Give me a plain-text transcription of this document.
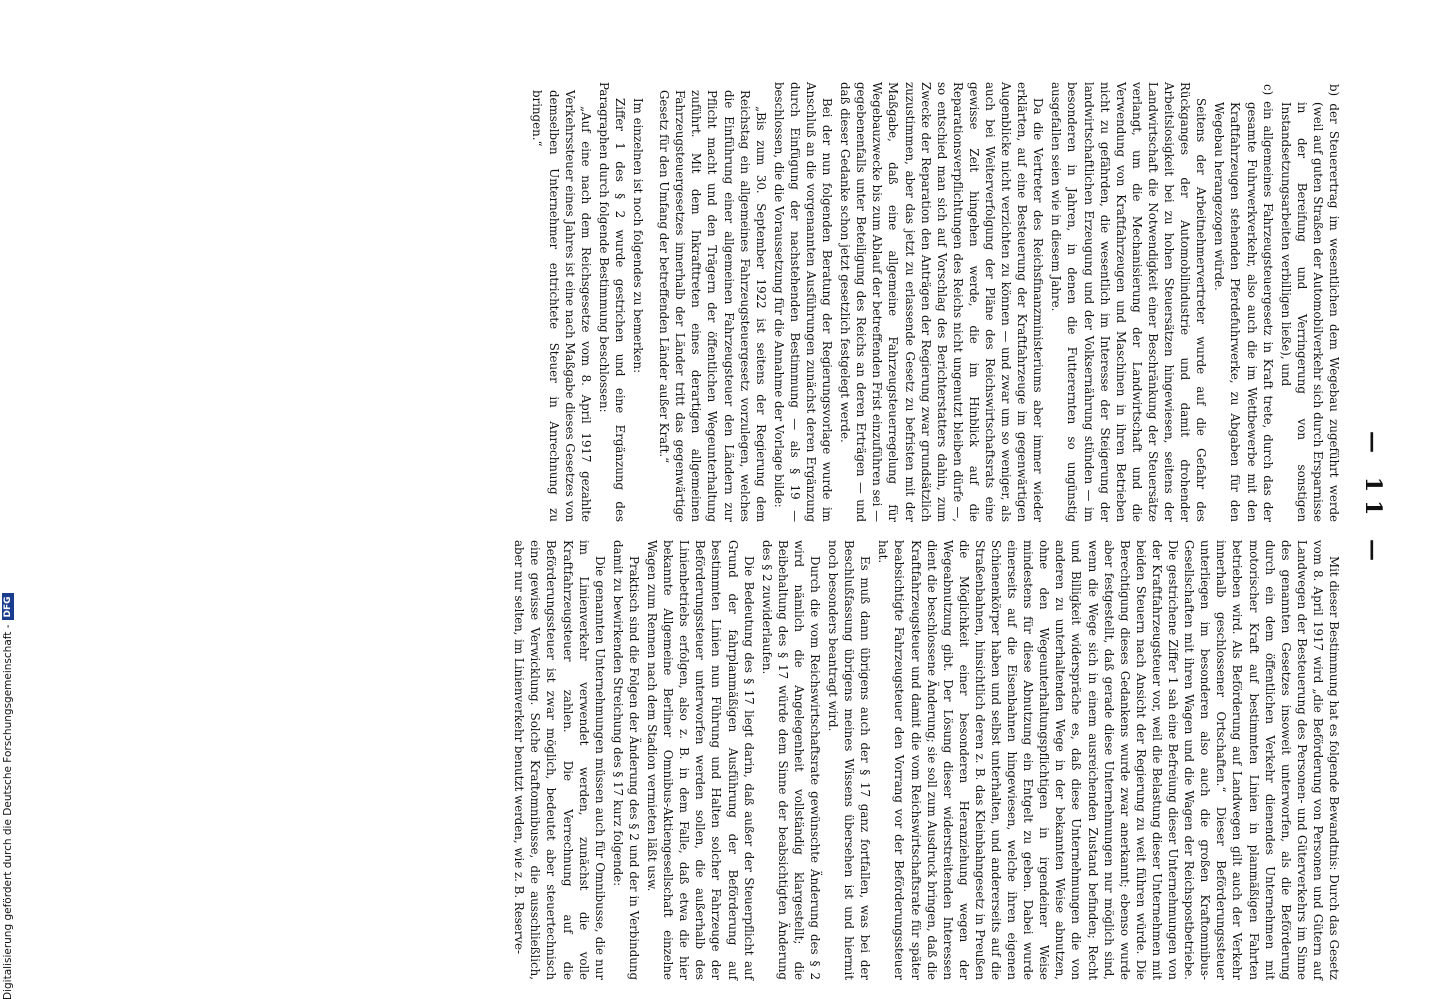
— 11 —

b) der Steuerertrag im wesentlichen dem Wegebau zugeführt werde (weil auf guten Straßen der Automobilverkehr sich durch Ersparnisse in der Bereifung und Verringerung von sonstigen Instandsetzungsarbeiten verbilligen ließe), und

c) ein allgemeines Fahrzeugsteuergesetz in Kraft trete, durch das der gesamte Fuhrwerkverkehr, also auch die im Wettbewerbe mit den Kraftfahrzeugen stehenden Pferdefuhrwerke, zu Abgaben für den Wegebau herangezogen würde.

Seitens der Arbeitnehmervertreter wurde auf die Gefahr des Rückganges der Automobilindustrie und damit drohender Arbeitslosigkeit bei zu hohen Steuersätzen hingewiesen, seitens der Landwirtschaft die Notwendigkeit einer Beschränkung der Steuersätze verlangt, um die Mechanisierung der Landwirtschaft und die Verwendung von Kraftfahrzeugen und Maschinen in ihren Betrieben nicht zu gefährden, die wesentlich im Interesse der Steigerung der landwirtschaftlichen Erzeugung und der Volksernährung stünden — im besonderen in Jahren, in denen die Futterernten so ungünstig ausgefallen seien wie in diesem Jahre.

Da die Vertreter des Reichsfinanzministeriums aber immer wieder erklärten, auf eine Besteuerung der Kraftfahrzeuge im gegenwärtigen Augenblicke nicht verzichten zu können — und zwar um so weniger, als auch bei Weiterverfolgung der Pläne des Reichswirtschaftsrats eine gewisse Zeit hingehen werde, die im Hinblick auf die Reparationsverpflichtungen des Reichs nicht ungenutzt bleiben dürfe —, so entschied man sich auf Vorschlag des Berichterstatters dahin, zum Zwecke der Reparation den Anträgen der Regierung zwar grundsätzlich zuzustimmen, aber das jetzt zu erlassende Gesetz zu befristen mit der Maßgabe, daß eine allgemeine Fahrzeugsteuerregelung für Wegebauzwecke bis zum Ablauf der betreffenden Frist einzuführen sei — gegebenenfalls unter Beteiligung des Reichs an deren Erträgen — und daß dieser Gedanke schon jetzt gesetzlich festgelegt werde.

Bei der nun folgenden Beratung der Regierungsvorlage wurde im Anschluß an die vorgenannten Ausführungen zunächst deren Ergänzung durch Einfügung der nachstehenden Bestimmung — als § 19 — beschlossen, die die Voraussetzung für die Annahme der Vorlage bilde:

„Bis zum 30. September 1922 ist seitens der Regierung dem Reichstag ein allgemeines Fahrzeugsteuergesetz vorzulegen, welches die Einführung einer allgemeinen Fahrzeugsteuer den Ländern zur Pflicht macht und den Trägern der öffentlichen Wegeunterhaltung zuführt. Mit dem Inkrafttreten eines derartigen allgemeinen Fahrzeugsteuergesetzes innerhalb der Länder tritt das gegenwärtige Gesetz für den Umfang der betreffenden Länder außer Kraft.“

Im einzelnen ist noch folgendes zu bemerken:

Ziffer 1 des § 2 wurde gestrichen und eine Ergänzung des Paragraphen durch folgende Bestimmung beschlossen:

„Auf eine nach dem Reichsgesetze vom 8. April 1917 gezahlte Verkehrssteuer eines Jahres ist eine nach Maßgabe dieses Gesetzes von demselben Unternehmer entrichtete Steuer in Anrechnung zu bringen.“

Mit dieser Bestimmung hat es folgende Bewandtnis: Durch das Gesetz vom 8. April 1917 wird „die Beförderung von Personen und Gütern auf Landwegen der Besteuerung des Personen- und Güterverkehrs im Sinne des genannten Gesetzes insoweit unterworfen, als die Beförderung durch ein dem öffentlichen Verkehr dienendes Unternehmen mit motorischer Kraft auf bestimmten Linien in planmäßigen Fahrten betrieben wird. Als Beförderung auf Landwegen gilt auch der Verkehr innerhalb geschlossener Ortschaften.“ Dieser Beförderungssteuer unterliegen im besonderen also auch die großen Kraftomnibus-Gesellschaften mit ihren Wagen und die Wagen der Reichspostbetriebe. Die gestrichene Ziffer 1 sah eine Befreiung dieser Unternehmungen von der Kraftfahrzeugsteuer vor, weil die Belastung dieser Unternehmen mit beiden Steuern nach Ansicht der Regierung zu weit führen würde. Die Berechtigung dieses Gedankens wurde zwar anerkannt; ebenso wurde aber festgestellt, daß gerade diese Unternehmungen nur möglich sind, wenn die Wege sich in einem ausreichenden Zustand befinden; Recht und Billigkeit widerspräche es, daß diese Unternehmungen die von anderen zu unterhaltenden Wege in der bekannten Weise abnutzen, ohne den Wegeunterhaltungspflichtigen in irgendeiner Weise mindestens für diese Abnutzung ein Entgelt zu geben. Dabei wurde einerseits auf die Eisenbahnen hingewiesen, welche ihren eigenen Schienenkörper haben und selbst unterhalten, und andererseits auf die Straßenbahnen, hinsichtlich deren z. B. das Kleinbahngesetz in Preußen die Möglichkeit einer besonderen Heranziehung wegen der Wegeabnutzung gibt. Der Lösung dieser widerstreitenden Interessen dient die beschlossene Änderung; sie soll zum Ausdruck bringen, daß die Kraftfahrzeugsteuer und damit die vom Reichswirtschaftsrate für später beabsichtigte Fahrzeugsteuer den Vorrang vor der Beförderungssteuer hat.

Es muß dann übrigens auch der § 17 ganz fortfallen, was bei der Beschlußfassung übrigens meines Wissens übersehen ist und hiermit noch besonders beantragt wird.

Durch die vom Reichswirtschaftsrate gewünschte Änderung des § 2 wird nämlich die Angelegenheit vollständig klargestellt; die Beibehaltung des § 17 würde dem Sinne der beabsichtigten Änderung des § 2 zuwiderlaufen.

Die Bedeutung des § 17 liegt darin, daß außer der Steuerpflicht auf Grund der fahrplanmäßigen Ausführung der Beförderung auf bestimmten Linien nun Führung und Halten solcher Fahrzeuge der Beförderungssteuer unterworfen werden sollen, die außerhalb des Linienbetriebs erfolgen, also z. B. in dem Falle, daß etwa die hier bekannte Allgemeine Berliner Omnibus-Aktiengesellschaft einzelne Wagen zum Rennen nach dem Stadion vermieten läßt usw.

Praktisch sind die Folgen der Änderung des § 2 und der in Verbindung damit zu bewirkenden Streichung des § 17 kurz folgende:

Die genannten Unternehmungen müssen auch für Omnibusse, die nur im Linienverkehr verwendet werden, zunächst die volle Kraftfahrzeugsteuer zahlen. Die Verrechnung auf die Beförderungssteuer ist zwar möglich, bedeutet aber steuertechnisch eine gewisse Verwicklung. Solche Kraftomnibusse, die ausschließlich, aber nur selten, im Linienverkehr benutzt werden, wie z. B. Reserve-

Digitalisierung gefördert durch die Deutsche Forschungsgemeinschaft -
DFG
